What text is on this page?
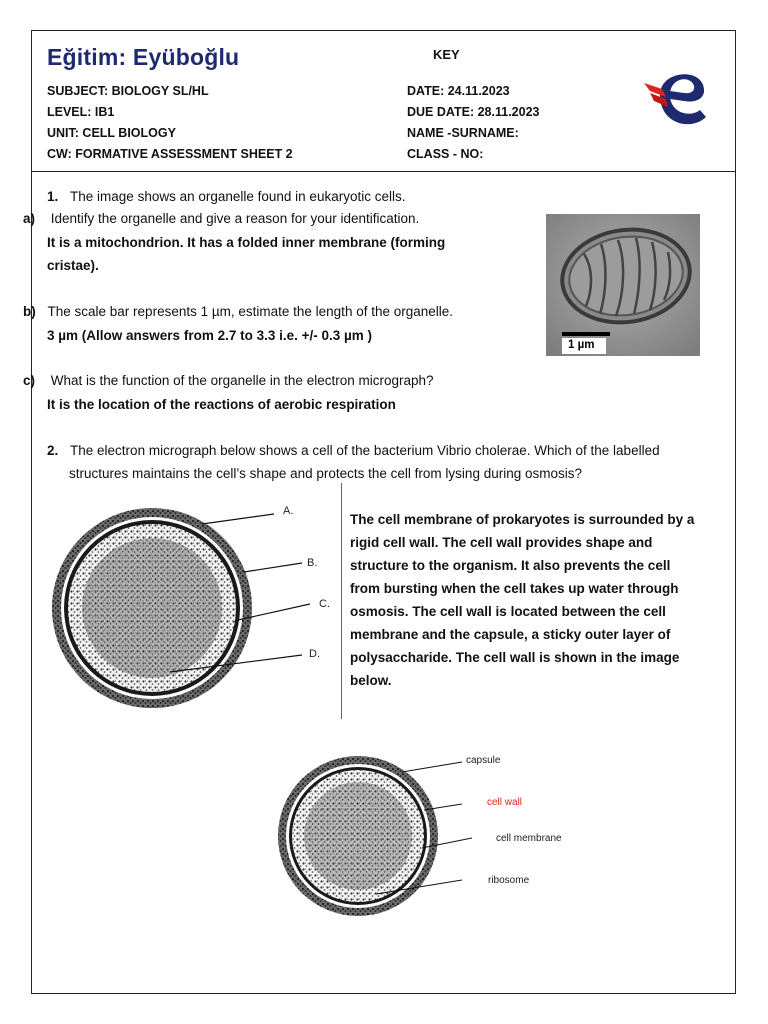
Eğitim: Eyüboğlu	KEY
SUBJECT: BIOLOGY SL/HL
LEVEL: IB1
UNIT: CELL BIOLOGY
CW: FORMATIVE ASSESSMENT SHEET 2
DATE: 24.11.2023
DUE DATE: 28.11.2023
NAME -SURNAME:
CLASS - NO:
1. The image shows an organelle found in eukaryotic cells.
a) Identify the organelle and give a reason for your identification.
It is a mitochondrion. It has a folded inner membrane (forming
cristae).
b) The scale bar represents 1 µm, estimate the length of the organelle.
3 µm (Allow answers from 2.7 to 3.3 i.e. +/- 0.3 µm )
c) What is the function of the organelle in the electron micrograph?
It is the location of the reactions of aerobic respiration
1 µm
2. The electron micrograph below shows a cell of the bacterium Vibrio cholerae. Which of the labelled
structures maintains the cell’s shape and protects the cell from lysing during osmosis?
A.
B.
C.
D.
The cell membrane of prokaryotes is surrounded by a
rigid cell wall. The cell wall provides shape and
structure to the organism. It also prevents the cell
from bursting when the cell takes up water through
osmosis. The cell wall is located between the cell
membrane and the capsule, a sticky outer layer of
polysaccharide. The cell wall is shown in the image
below.
capsule
cell wall
cell membrane
ribosome
